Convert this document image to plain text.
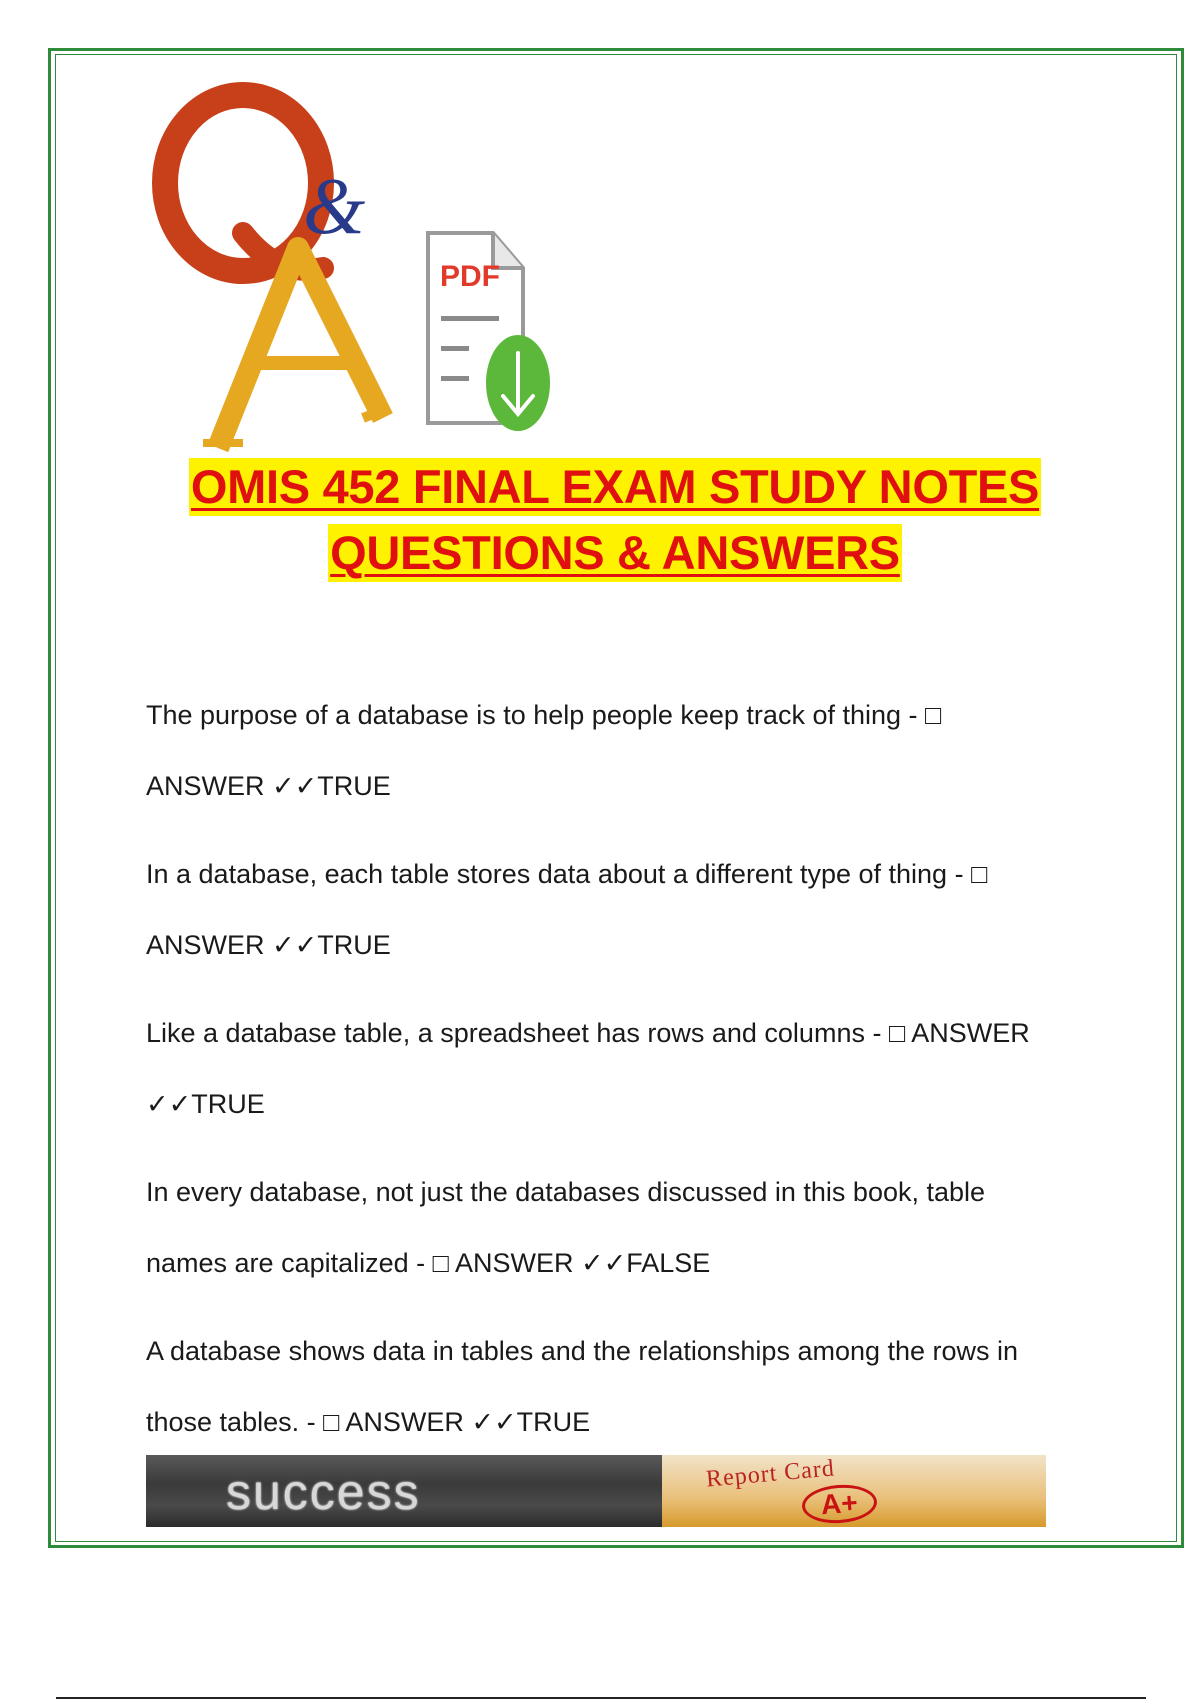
&
PDF
OMIS 452 FINAL EXAM STUDY NOTES
QUESTIONS & ANSWERS
The purpose of a database is to help people keep track of thing - □
ANSWER ✓✓TRUE
In a database, each table stores data about a different type of thing - □
ANSWER ✓✓TRUE
Like a database table, a spreadsheet has rows and columns - □ ANSWER
✓✓TRUE
In every database, not just the databases discussed in this book, table
names are capitalized - □ ANSWER ✓✓FALSE
A database shows data in tables and the relationships among the rows in
those tables. - □ ANSWER ✓✓TRUE
success	Report Card
A+
